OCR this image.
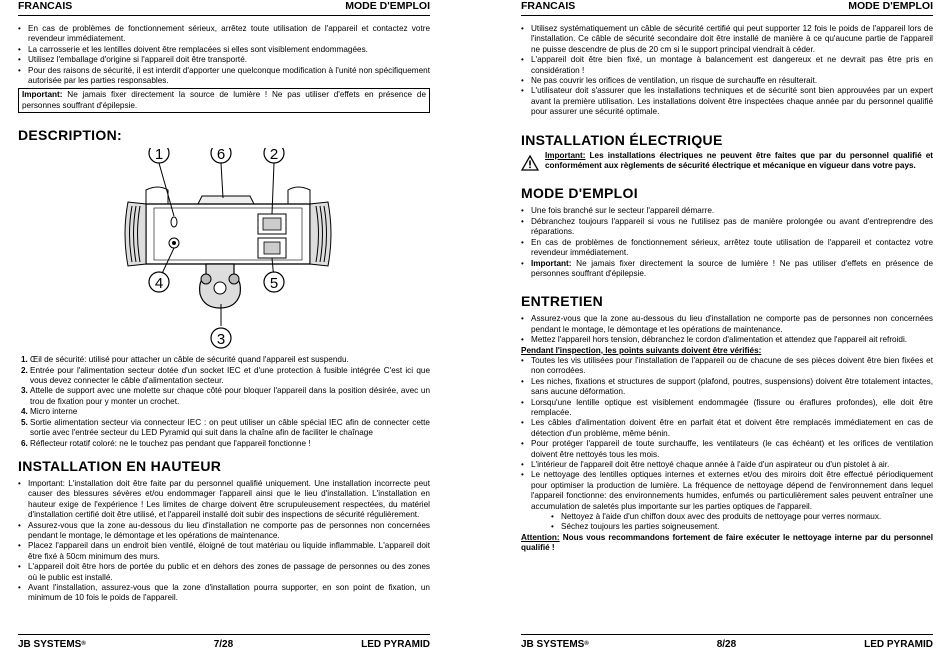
FRANCAIS	MODE D'EMPLOI
• En cas de problèmes de fonctionnement sérieux, arrêtez toute utilisation de l'appareil et contactez votre revendeur immédiatement.
• La carrosserie et les lentilles doivent être remplacées si elles sont visiblement endommagées.
• Utilisez l'emballage d'origine si l'appareil doit être transporté.
• Pour des raisons de sécurité, il est interdit d'apporter une quelconque modification à l'unité non spécifiquement autorisée par les parties responsables.
Important: Ne jamais fixer directement la source de lumière ! Ne pas utiliser d'effets en présence de personnes souffrant d'épilepsie.
DESCRIPTION:
1	6	2
4	5
3
1. Œil de sécurité: utilisé pour attacher un câble de sécurité quand l'appareil est suspendu.
2. Entrée pour l'alimentation secteur dotée d'un socket IEC et d'une protection à fusible intégrée C'est ici que vous devez connecter le câble d'alimentation secteur.
3. Attelle de support avec une molette sur chaque côté pour bloquer l'appareil dans la position désirée, avec un trou de fixation pour y monter un crochet.
4. Micro interne
5. Sortie alimentation secteur via connecteur IEC : on peut utiliser un câble spécial IEC afin de connecter cette sortie avec l'entrée secteur du LED Pyramid qui suit dans la chaîne afin de faciliter le chaînage
6. Réflecteur rotatif coloré: ne le touchez pas pendant que l'appareil fonctionne !
INSTALLATION EN HAUTEUR
• Important: L'installation doit être faite par du personnel qualifié uniquement. Une installation incorrecte peut causer des blessures sévères et/ou endommager l'appareil ainsi que le lieu d'installation. L'installation en hauteur exige de l'expérience ! Les limites de charge doivent être scrupuleusement respectées, du matériel d'installation certifié doit être utilisé, et l'appareil installé doit subir des inspections de sécurité régulièrement.
• Assurez-vous que la zone au-dessous du lieu d'installation ne comporte pas de personnes non concernées pendant le montage, le démontage et les opérations de maintenance.
• Placez l'appareil dans un endroit bien ventilé, éloigné de tout matériau ou liquide inflammable. L'appareil doit être fixé à 50cm minimum des murs.
• L'appareil doit être hors de portée du public et en dehors des zones de passage de personnes ou des zones où le public est installé.
• Avant l'installation, assurez-vous que la zone d'installation pourra supporter, en son point de fixation, un minimum de 10 fois le poids de l'appareil.
JB SYSTEMS®	7/28	LED PYRAMID
FRANCAIS	MODE D'EMPLOI
• Utilisez systématiquement un câble de sécurité certifié qui peut supporter 12 fois le poids de l'appareil lors de l'installation. Ce câble de sécurité secondaire doit être installé de manière à ce qu'aucune partie de l'appareil ne puisse descendre de plus de 20 cm si le support principal viendrait à céder.
• L'appareil doit être bien fixé, un montage à balancement est dangereux et ne devrait pas être pris en considération !
• Ne pas couvrir les orifices de ventilation, un risque de surchauffe en résulterait.
• L'utilisateur doit s'assurer que les installations techniques et de sécurité sont bien approuvées par un expert avant la première utilisation. Les installations doivent être inspectées chaque année par du personnel qualifié pour assurer une sécurité optimale.
INSTALLATION ÉLECTRIQUE
Important: Les installations électriques ne peuvent être faites que par du personnel qualifié et conformément aux règlements de sécurité électrique et mécanique en vigueur dans votre pays.
MODE D'EMPLOI
• Une fois branché sur le secteur l'appareil démarre.
• Débranchez toujours l'appareil si vous ne l'utilisez pas de manière prolongée ou avant d'entreprendre des réparations.
• En cas de problèmes de fonctionnement sérieux, arrêtez toute utilisation de l'appareil et contactez votre revendeur immédiatement.
• Important: Ne jamais fixer directement la source de lumière ! Ne pas utiliser d'effets en présence de personnes souffrant d'épilepsie.
ENTRETIEN
• Assurez-vous que la zone au-dessous du lieu d'installation ne comporte pas de personnes non concernées pendant le montage, le démontage et les opérations de maintenance.
• Mettez l'appareil hors tension, débranchez le cordon d'alimentation et attendez que l'appareil ait refroidi.
Pendant l'inspection, les points suivants doivent être vérifiés:
• Toutes les vis utilisées pour l'installation de l'appareil ou de chacune de ses pièces doivent être bien fixées et non corrodées.
• Les niches, fixations et structures de support (plafond, poutres, suspensions) doivent être totalement intactes, sans aucune déformation.
• Lorsqu'une lentille optique est visiblement endommagée (fissure ou éraflures profondes), elle doit être remplacée.
• Les câbles d'alimentation doivent être en parfait état et doivent être remplacés immédiatement en cas de détection d'un problème, même bénin.
• Pour protéger l'appareil de toute surchauffe, les ventilateurs (le cas échéant) et les orifices de ventilation doivent être nettoyés tous les mois.
• L'intérieur de l'appareil doit être nettoyé chaque année à l'aide d'un aspirateur ou d'un pistolet à air.
• Le nettoyage des lentilles optiques internes et externes et/ou des miroirs doit être effectué périodiquement pour optimiser la production de lumière. La fréquence de nettoyage dépend de l'environnement dans lequel l'appareil fonctionne: des environnements humides, enfumés ou particulièrement sales peuvent entraîner une accumulation de saletés plus importante sur les parties optiques de l'appareil.
• Nettoyez à l'aide d'un chiffon doux avec des produits de nettoyage pour verres normaux.
• Séchez toujours les parties soigneusement.
Attention: Nous vous recommandons fortement de faire exécuter le nettoyage interne par du personnel qualifié !
JB SYSTEMS®	8/28	LED PYRAMID
